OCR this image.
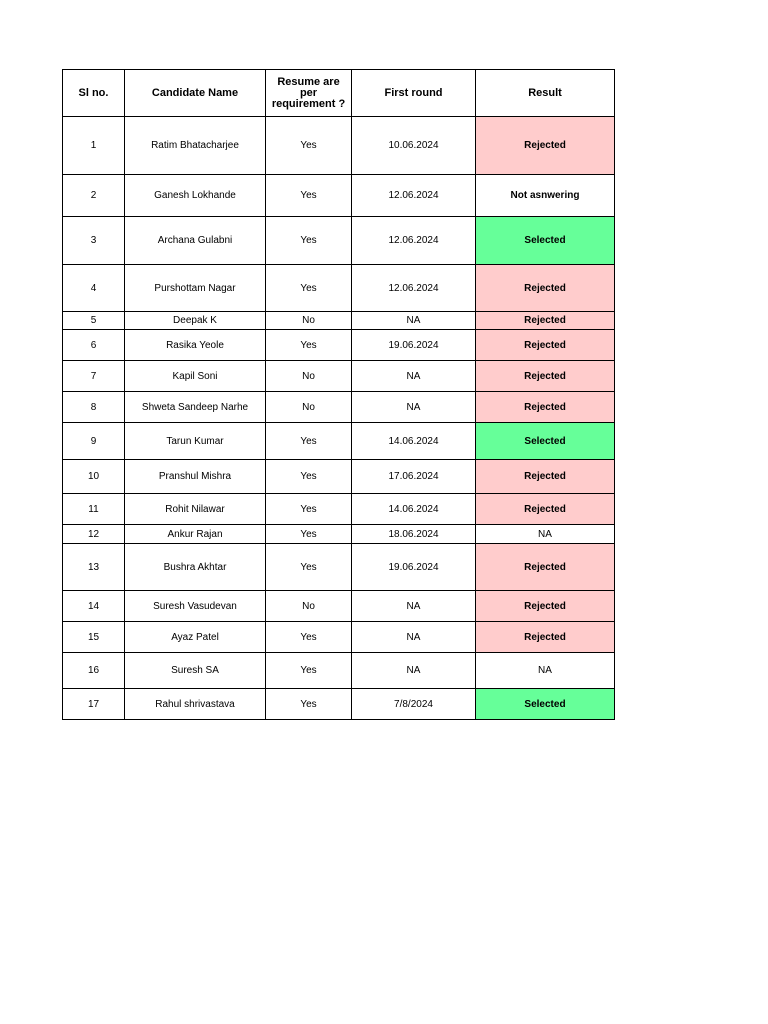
Sl no.	Candidate Name	Resume are per requirement ?	First round	Result
1	Ratim Bhatacharjee	Yes	10.06.2024	Rejected
2	Ganesh Lokhande	Yes	12.06.2024	Not asnwering
3	Archana Gulabni	Yes	12.06.2024	Selected
4	Purshottam Nagar	Yes	12.06.2024	Rejected
5	Deepak K	No	NA	Rejected
6	Rasika Yeole	Yes	19.06.2024	Rejected
7	Kapil Soni	No	NA	Rejected
8	Shweta Sandeep Narhe	No	NA	Rejected
9	Tarun Kumar	Yes	14.06.2024	Selected
10	Pranshul Mishra	Yes	17.06.2024	Rejected
11	Rohit Nilawar	Yes	14.06.2024	Rejected
12	Ankur Rajan	Yes	18.06.2024	NA
13	Bushra Akhtar	Yes	19.06.2024	Rejected
14	Suresh Vasudevan	No	NA	Rejected
15	Ayaz Patel	Yes	NA	Rejected
16	Suresh SA	Yes	NA	NA
17	Rahul shrivastava	Yes	7/8/2024	Selected
